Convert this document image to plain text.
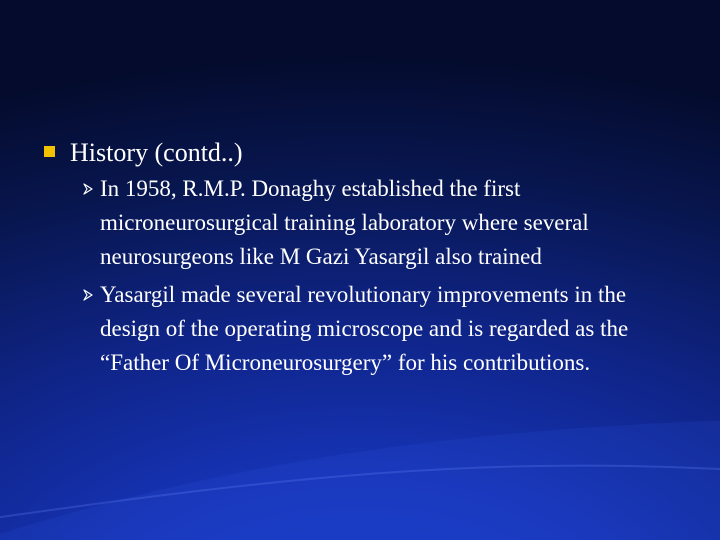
History (contd..)
In 1958, R.M.P. Donaghy established the first microneurosurgical training laboratory where several neurosurgeons like M Gazi Yasargil also trained
Yasargil made several revolutionary improvements in the design of the operating microscope and is regarded as the “Father Of Microneurosurgery” for his contributions.
